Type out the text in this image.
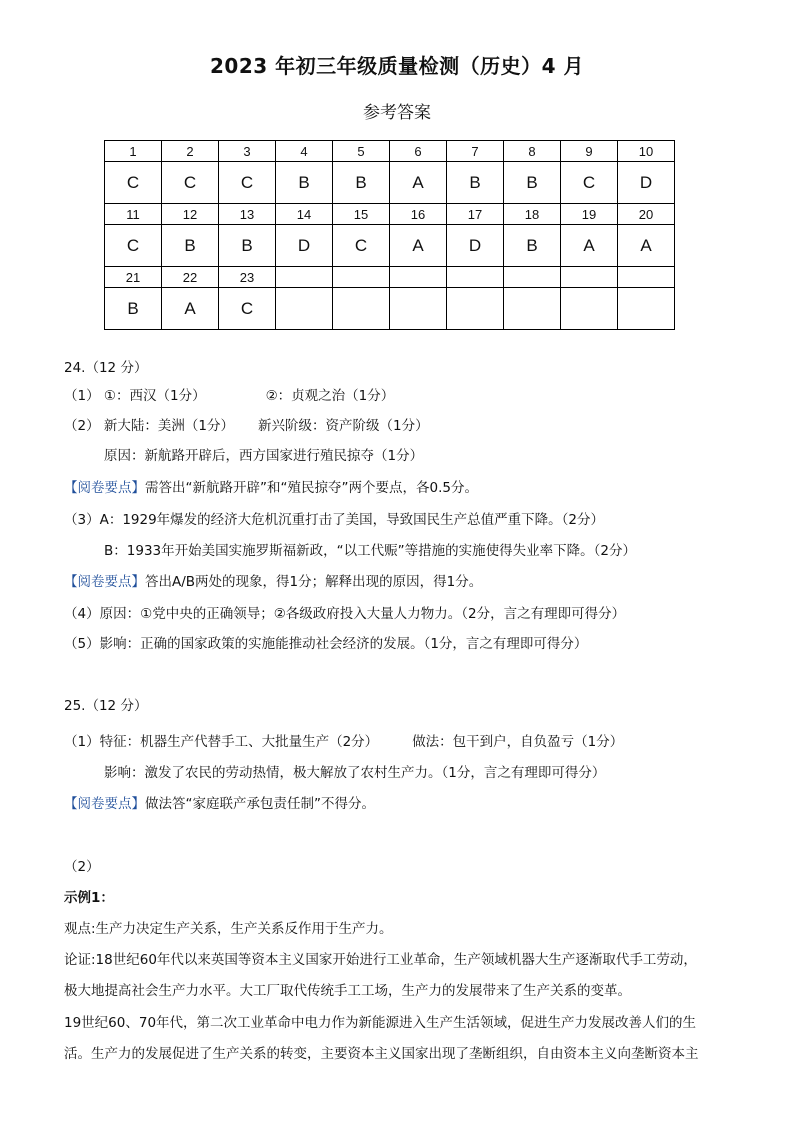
2023 年初三年级质量检测（历史）4 月
参考答案
1	2	3	4	5	6	7	8	9	10
C	C	C	B	B	A	B	B	C	D
11	12	13	14	15	16	17	18	19	20
C	B	B	D	C	A	D	B	A	A
21	22	23							
B	A	C							
24.（12 分）
（1） ①：西汉（1分）	②：贞观之治（1分）
（2） 新大陆：美洲（1分） 新兴阶级：资产阶级（1分）
原因：新航路开辟后，西方国家进行殖民掠夺（1分）
【阅卷要点】需答出“新航路开辟”和“殖民掠夺”两个要点，各0.5分。
（3）A：1929年爆发的经济大危机沉重打击了美国，导致国民生产总值严重下降。（2分）
B：1933年开始美国实施罗斯福新政，“以工代赈”等措施的实施使得失业率下降。（2分）
【阅卷要点】答出A/B两处的现象，得1分；解释出现的原因，得1分。
（4）原因：①党中央的正确领导；②各级政府投入大量人力物力。（2分，言之有理即可得分）
（5）影响：正确的国家政策的实施能推动社会经济的发展。（1分，言之有理即可得分）
25.（12 分）
（1）特征：机器生产代替手工、大批量生产（2分）	做法：包干到户，自负盈亏（1分）
影响：激发了农民的劳动热情，极大解放了农村生产力。（1分，言之有理即可得分）
【阅卷要点】做法答“家庭联产承包责任制”不得分。
（2）
示例1：
观点:生产力决定生产关系，生产关系反作用于生产力。
论证:18世纪60年代以来英国等资本主义国家开始进行工业革命，生产领域机器大生产逐渐取代手工劳动，
极大地提高社会生产力水平。大工厂取代传统手工工场，生产力的发展带来了生产关系的变革。
19世纪60、70年代，第二次工业革命中电力作为新能源进入生产生活领域，促进生产力发展改善人们的生
活。生产力的发展促进了生产关系的转变，主要资本主义国家出现了垄断组织，自由资本主义向垄断资本主
